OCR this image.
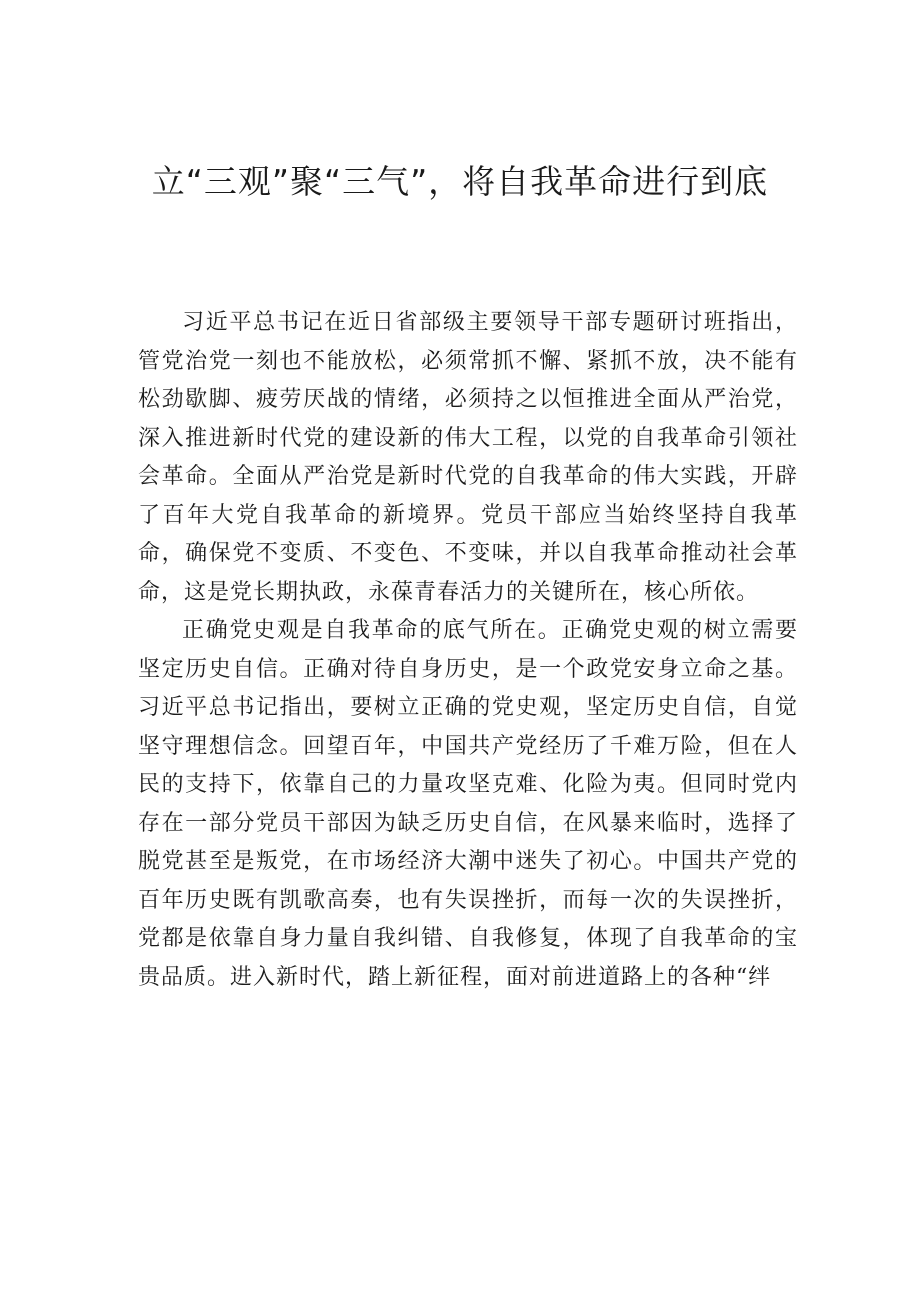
立“三观”聚“三气”，将自我革命进行到底

习近平总书记在近日省部级主要领导干部专题研讨班指出，管党治党一刻也不能放松，必须常抓不懈、紧抓不放，决不能有松劲歇脚、疲劳厌战的情绪，必须持之以恒推进全面从严治党，深入推进新时代党的建设新的伟大工程，以党的自我革命引领社会革命。全面从严治党是新时代党的自我革命的伟大实践，开辟了百年大党自我革命的新境界。党员干部应当始终坚持自我革命，确保党不变质、不变色、不变味，并以自我革命推动社会革命，这是党长期执政，永葆青春活力的关键所在，核心所依。

正确党史观是自我革命的底气所在。正确党史观的树立需要坚定历史自信。正确对待自身历史，是一个政党安身立命之基。习近平总书记指出，要树立正确的党史观，坚定历史自信，自觉坚守理想信念。回望百年，中国共产党经历了千难万险，但在人民的支持下，依靠自己的力量攻坚克难、化险为夷。但同时党内存在一部分党员干部因为缺乏历史自信，在风暴来临时，选择了脱党甚至是叛党，在市场经济大潮中迷失了初心。中国共产党的百年历史既有凯歌高奏，也有失误挫折，而每一次的失误挫折，党都是依靠自身力量自我纠错、自我修复，体现了自我革命的宝贵品质。进入新时代，踏上新征程，面对前进道路上的各种“绊
